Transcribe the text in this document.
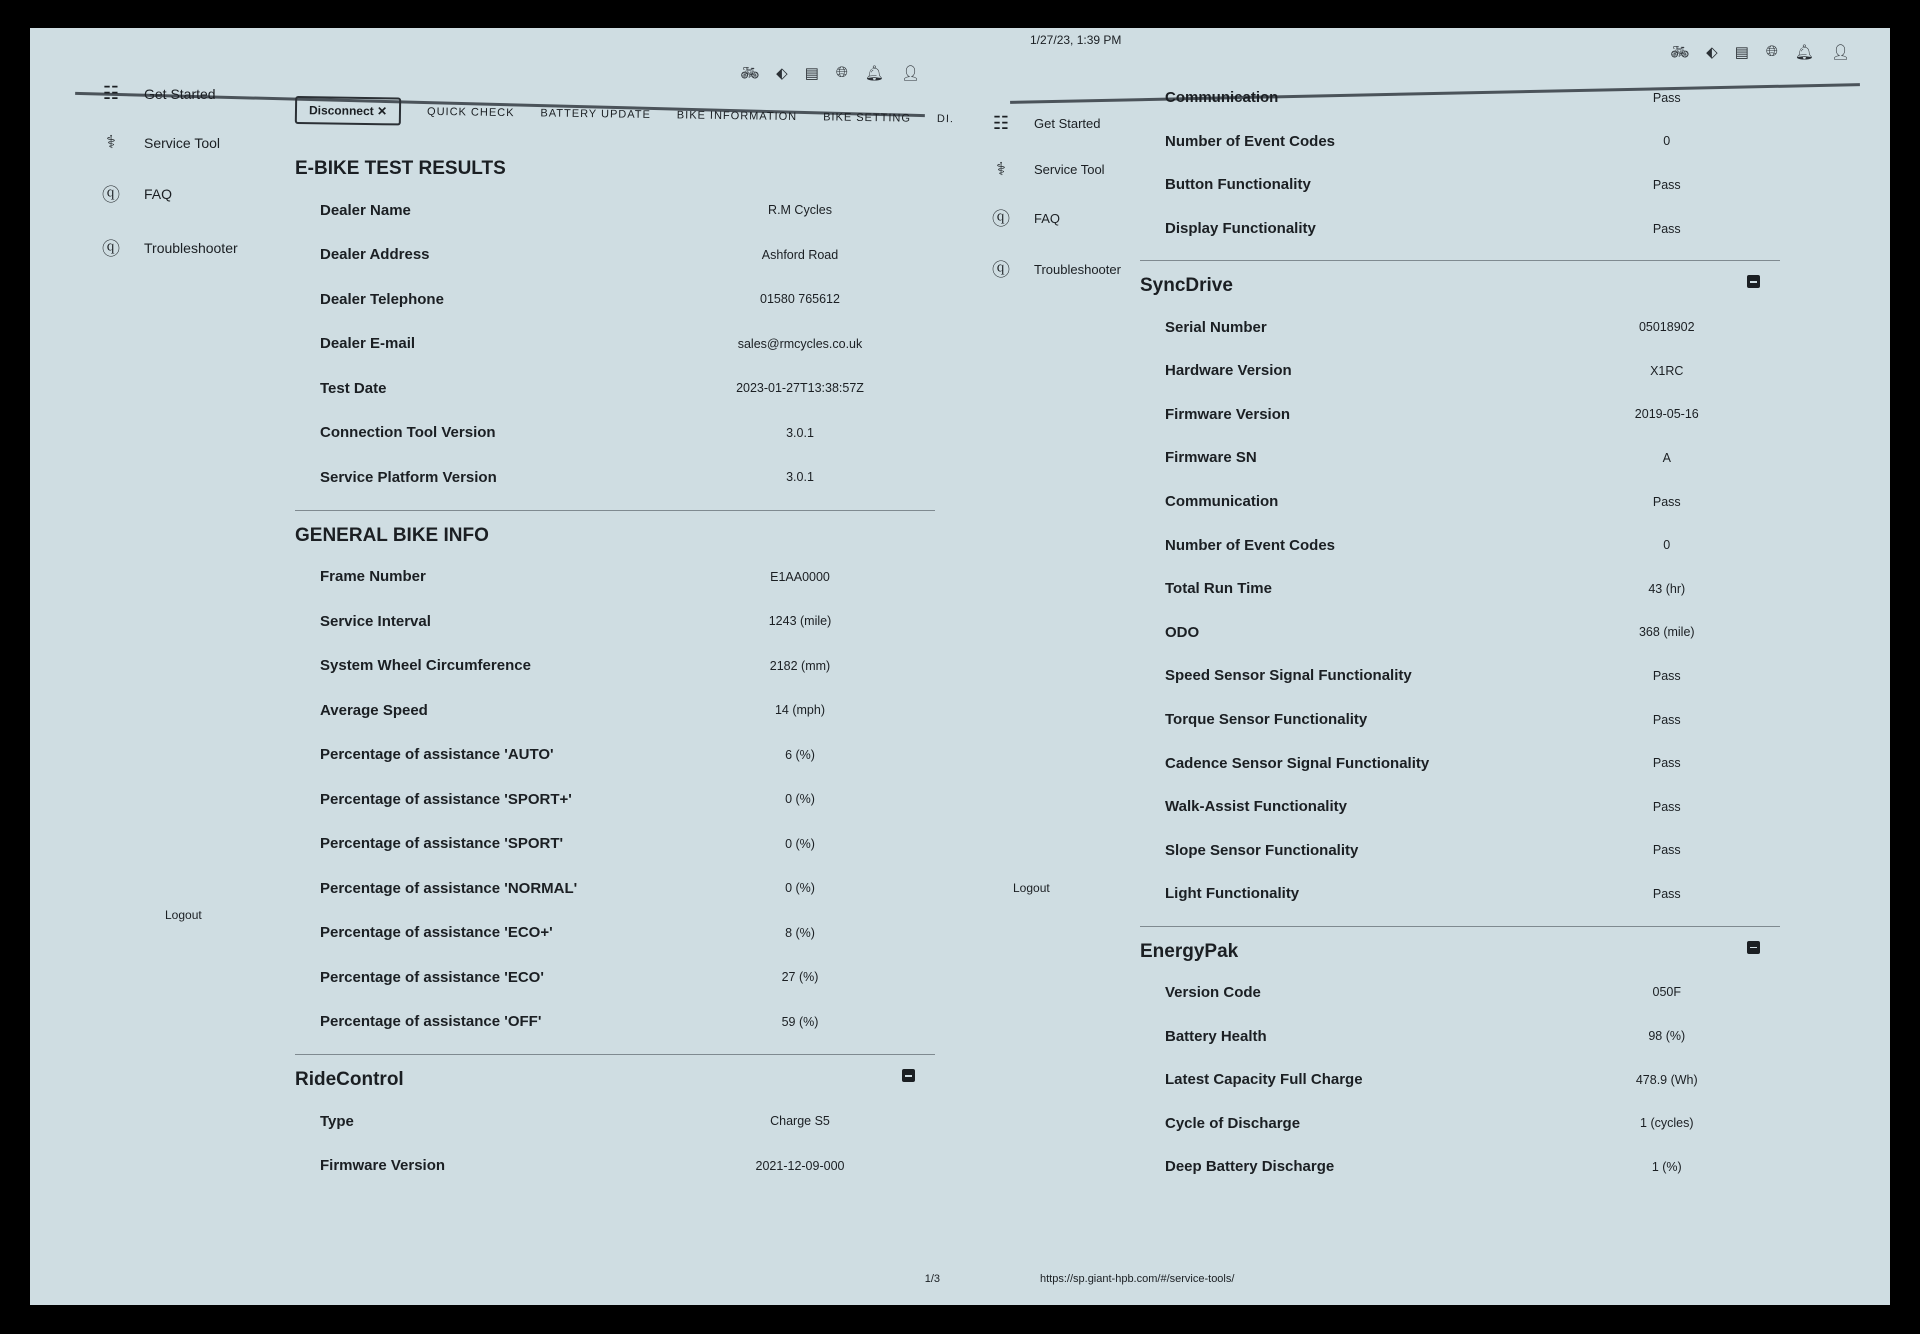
🚲︎ ⬖ ▤ 🌐︎ 🔔︎ 👤︎
☷ Get Started
⚕	Service Tool
ⓠ FAQ
ⓠ Troubleshooter
Logout
Disconnect ✕	QUICK CHECK BATTERY UPDATE BIKE INFORMATION BIKE SETTING DI.
E-BIKE TEST RESULTS
Dealer Name	R.M Cycles
Dealer Address	Ashford Road
Dealer Telephone	01580 765612
Dealer E-mail	sales@rmcycles.co.uk
Test Date	2023-01-27T13:38:57Z
Connection Tool Version	3.0.1
Service Platform Version	3.0.1
GENERAL BIKE INFO
Frame Number	E1AA0000
Service Interval	1243 (mile)
System Wheel Circumference	2182 (mm)
Average Speed	14 (mph)
Percentage of assistance 'AUTO'	6 (%)
Percentage of assistance 'SPORT+'	0 (%)
Percentage of assistance 'SPORT'	0 (%)
Percentage of assistance 'NORMAL'	0 (%)
Percentage of assistance 'ECO+'	8 (%)
Percentage of assistance 'ECO'	27 (%)
Percentage of assistance 'OFF'	59 (%)
RideControl
Type	Charge S5
Firmware Version	2021-12-09-000
1/3
1/27/23, 1:39 PM
🚲︎ ⬖ ▤ 🌐︎ 🔔︎ 👤︎
☷ Get Started
⚕	Service Tool
ⓠ FAQ
ⓠ Troubleshooter
Logout
Communication	Pass
Number of Event Codes	0
Button Functionality	Pass
Display Functionality	Pass
SyncDrive
Serial Number	05018902
Hardware Version	X1RC
Firmware Version	2019-05-16
Firmware SN	A
Communication	Pass
Number of Event Codes	0
Total Run Time	43 (hr)
ODO	368 (mile)
Speed Sensor Signal Functionality	Pass
Torque Sensor Functionality	Pass
Cadence Sensor Signal Functionality	Pass
Walk-Assist Functionality	Pass
Slope Sensor Functionality	Pass
Light Functionality	Pass
EnergyPak
Version Code	050F
Battery Health	98 (%)
Latest Capacity Full Charge	478.9 (Wh)
Cycle of Discharge	1 (cycles)
Deep Battery Discharge	1 (%)
https://sp.giant-hpb.com/#/service-tools/
